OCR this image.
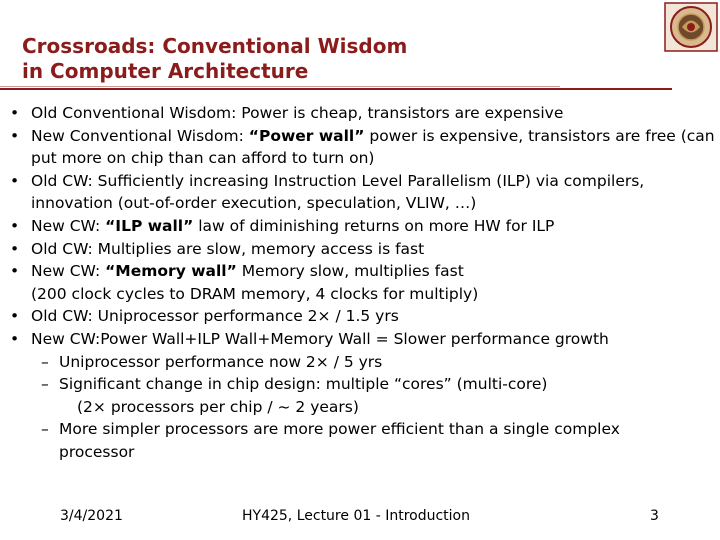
Crossroads: Conventional Wisdom
in Computer Architecture

• Old Conventional Wisdom: Power is cheap, transistors are expensive

• New Conventional Wisdom: “Power wall” power is expensive, transistors are free (can put more on chip than can afford to turn on)

• Old CW: Sufficiently increasing Instruction Level Parallelism (ILP) via compilers, innovation (out-of-order execution, speculation, VLIW, …)

• New CW: “ILP wall” law of diminishing returns on more HW for ILP

• Old CW: Multiplies are slow, memory access is fast

• New CW: “Memory wall” Memory slow, multiplies fast
(200 clock cycles to DRAM memory, 4 clocks for multiply)

• Old CW: Uniprocessor performance 2× / 1.5 yrs

• New CW:Power Wall+ILP Wall+Memory Wall = Slower performance growth

– Uniprocessor performance now 2× / 5 yrs

– Significant change in chip design: multiple “cores” (multi-core)
(2× processors per chip / ~ 2 years)

– More simpler processors are more power efficient than a single complex
processor

3/4/2021	HY425, Lecture 01 - Introduction	3
